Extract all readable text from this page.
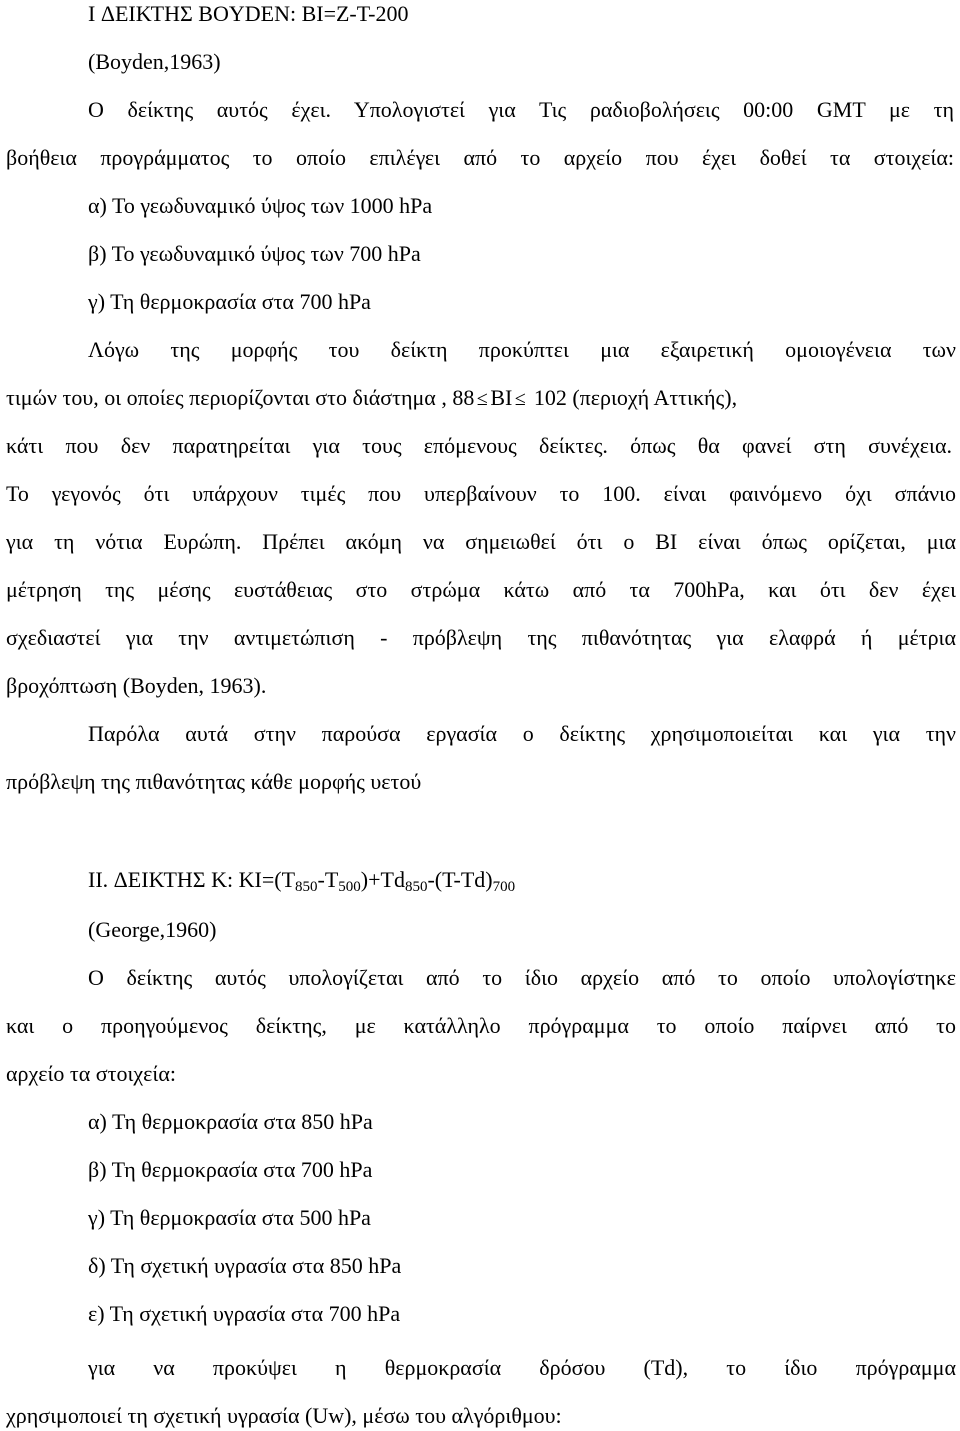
I ΔΕΙΚΤΗΣ BOYDEN: BI=Z-T-200
(Boyden,1963)
Ο δείκτης αυτός έχει. Υπολογιστεί για Τις ραδιοβολήσεις 00:00 GMT με τη
βοήθεια προγράμματος το οποίο επιλέγει από το αρχείο που έχει δοθεί τα στοιχεία:
α) Το γεωδυναμικό ύψος των 1000 hPa
β) Το γεωδυναμικό ύψος των 700 hPa
γ) Τη θερμοκρασία στα 700 hPa
Λόγω της μορφής του δείκτη προκύπτει μια εξαιρετική ομοιογένεια των
τιμών του, οι οποίες περιορίζονται στο διάστημα , 88 ≤ BI ≤ 102 (περιοχή Αττικής),
κάτι που δεν παρατηρείται για τους επόμενους δείκτες. όπως θα φανεί στη συνέχεια.
Το γεγονός ότι υπάρχουν τιμές που υπερβαίνουν το 100. είναι φαινόμενο όχι σπάνιο
για τη νότια Ευρώπη. Πρέπει ακόμη να σημειωθεί ότι ο BI είναι όπως ορίζεται, μια
μέτρηση της μέσης ευστάθειας στο στρώμα κάτω από τα 700hPa, και ότι δεν έχει
σχεδιαστεί για την αντιμετώπιση - πρόβλεψη της πιθανότητας για ελαφρά ή μέτρια
βροχόπτωση (Boyden, 1963).
Παρόλα αυτά στην παρούσα εργασία ο δείκτης χρησιμοποιείται και για την
πρόβλεψη της πιθανότητας κάθε μορφής υετού
II. ΔΕΙΚΤΗΣ K: $KI=(T_{850}-T_{500})+Td_{850}-(T-Td)_{700}$
(George,1960)
Ο δείκτης αυτός υπολογίζεται από το ίδιο αρχείο από το οποίο υπολογίστηκε
και ο προηγούμενος δείκτης, με κατάλληλο πρόγραμμα το οποίο παίρνει από το
αρχείο τα στοιχεία:
α) Τη θερμοκρασία στα 850 hPa
β) Τη θερμοκρασία στα 700 hPa
γ) Τη θερμοκρασία στα 500 hPa
δ) Τη σχετική υγρασία στα 850 hPa
ε) Τη σχετική υγρασία στα 700 hPa
για να προκύψει η θερμοκρασία δρόσου (Td), το ίδιο πρόγραμμα
χρησιμοποιεί τη σχετική υγρασία (Uw), μέσω του αλγόριθμου:
